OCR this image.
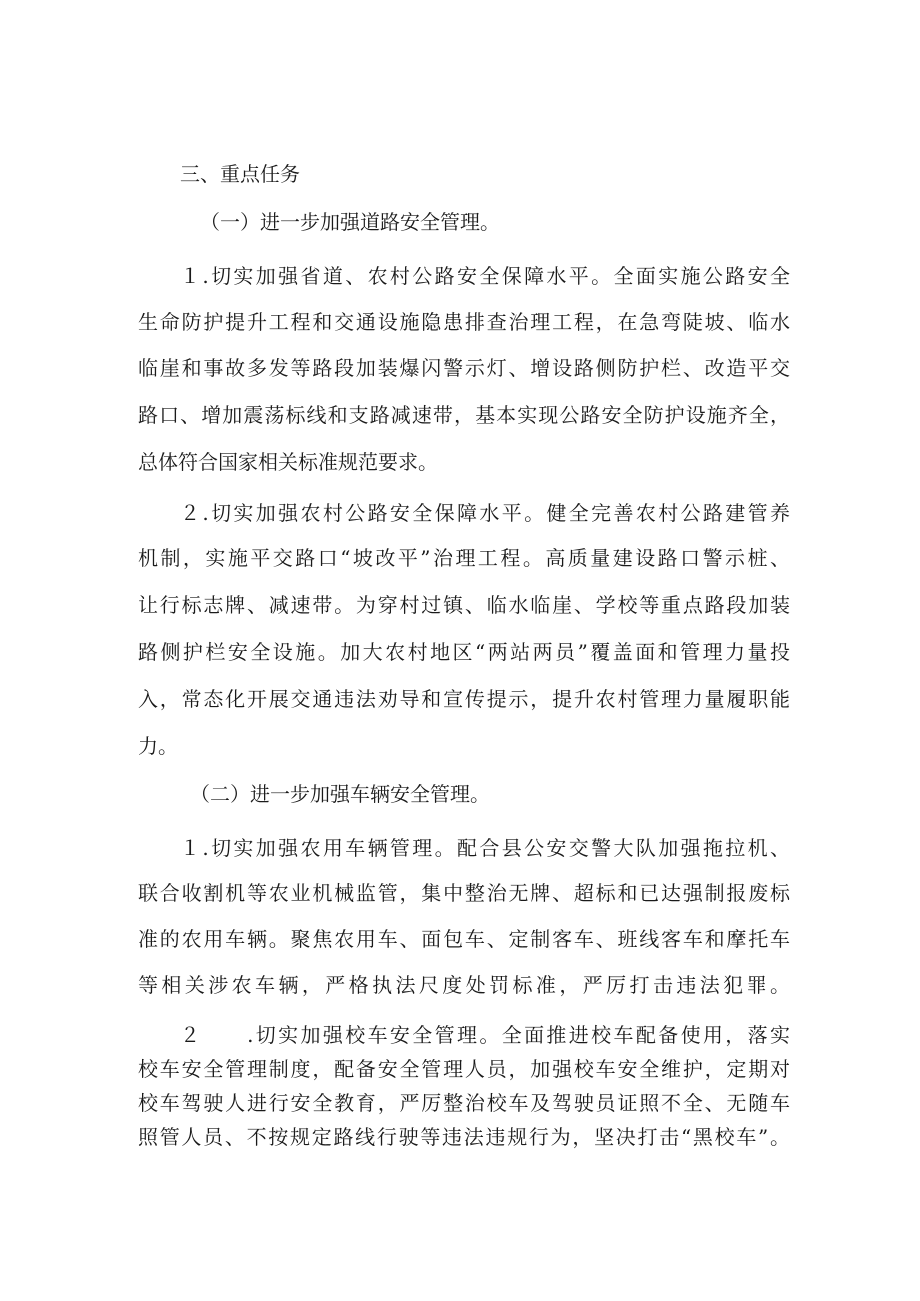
三、重点任务
（一）进一步加强道路安全管理。
１.切实加强省道、农村公路安全保障水平。全面实施公路安全
生命防护提升工程和交通设施隐患排查治理工程，在急弯陡坡、临水
临崖和事故多发等路段加装爆闪警示灯、增设路侧防护栏、改造平交
路口、增加震荡标线和支路减速带，基本实现公路安全防护设施齐全，
总体符合国家相关标准规范要求。
２.切实加强农村公路安全保障水平。健全完善农村公路建管养
机制，实施平交路口“坡改平”治理工程。高质量建设路口警示桩、
让行标志牌、减速带。为穿村过镇、临水临崖、学校等重点路段加装
路侧护栏安全设施。加大农村地区“两站两员”覆盖面和管理力量投
入，常态化开展交通违法劝导和宣传提示，提升农村管理力量履职能
力。
（二）进一步加强车辆安全管理。
１.切实加强农用车辆管理。配合县公安交警大队加强拖拉机、
联合收割机等农业机械监管，集中整治无牌、超标和已达强制报废标
准的农用车辆。聚焦农用车、面包车、定制客车、班线客车和摩托车
等相关涉农车辆，严格执法尺度处罚标准，严厉打击违法犯罪。
２　　.切实加强校车安全管理。全面推进校车配备使用，落实
校车安全管理制度，配备安全管理人员，加强校车安全维护，定期对
校车驾驶人进行安全教育，严厉整治校车及驾驶员证照不全、无随车
照管人员、不按规定路线行驶等违法违规行为，坚决打击“黑校车”。
